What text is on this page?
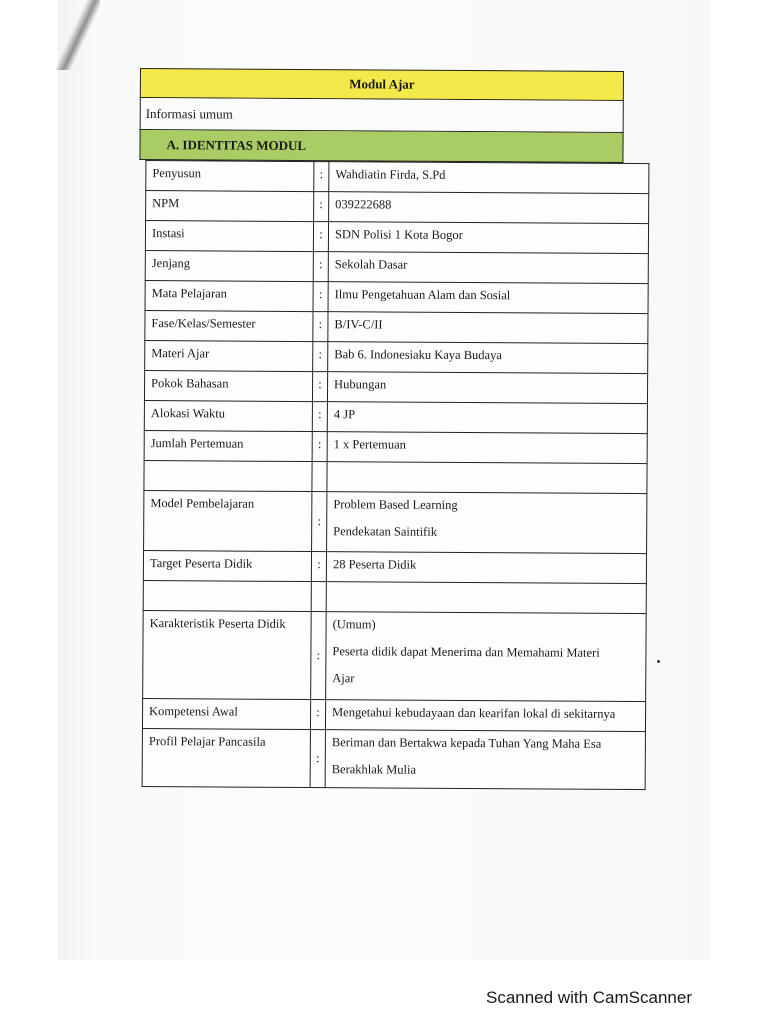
Modul Ajar
Informasi umum
A. IDENTITAS MODUL
Penyusun	:	Wahdiatin Firda, S.Pd
NPM	:	039222688
Instasi	:	SDN Polisi 1 Kota Bogor
Jenjang	:	Sekolah Dasar
Mata Pelajaran	:	Ilmu Pengetahuan Alam dan Sosial
Fase/Kelas/Semester	:	B/IV-C/II
Materi Ajar	:	Bab 6. Indonesiaku Kaya Budaya
Pokok Bahasan	:	Hubungan
Alokasi Waktu	:	4 JP
Jumlah Pertemuan	:	1 x Pertemuan

Model Pembelajaran	:	Problem Based Learning
Pendekatan Saintifik

Target Peserta Didik	:	28 Peserta Didik

Karakteristik Peserta Didik	:	(Umum)
Peserta didik dapat Menerima dan Memahami Materi
Ajar

Kompetensi Awal	:	Mengetahui kebudayaan dan kearifan lokal di sekitarnya
Profil Pelajar Pancasila	:	Beriman dan Bertakwa kepada Tuhan Yang Maha Esa
Berakhlak Mulia
Scanned with CamScanner
